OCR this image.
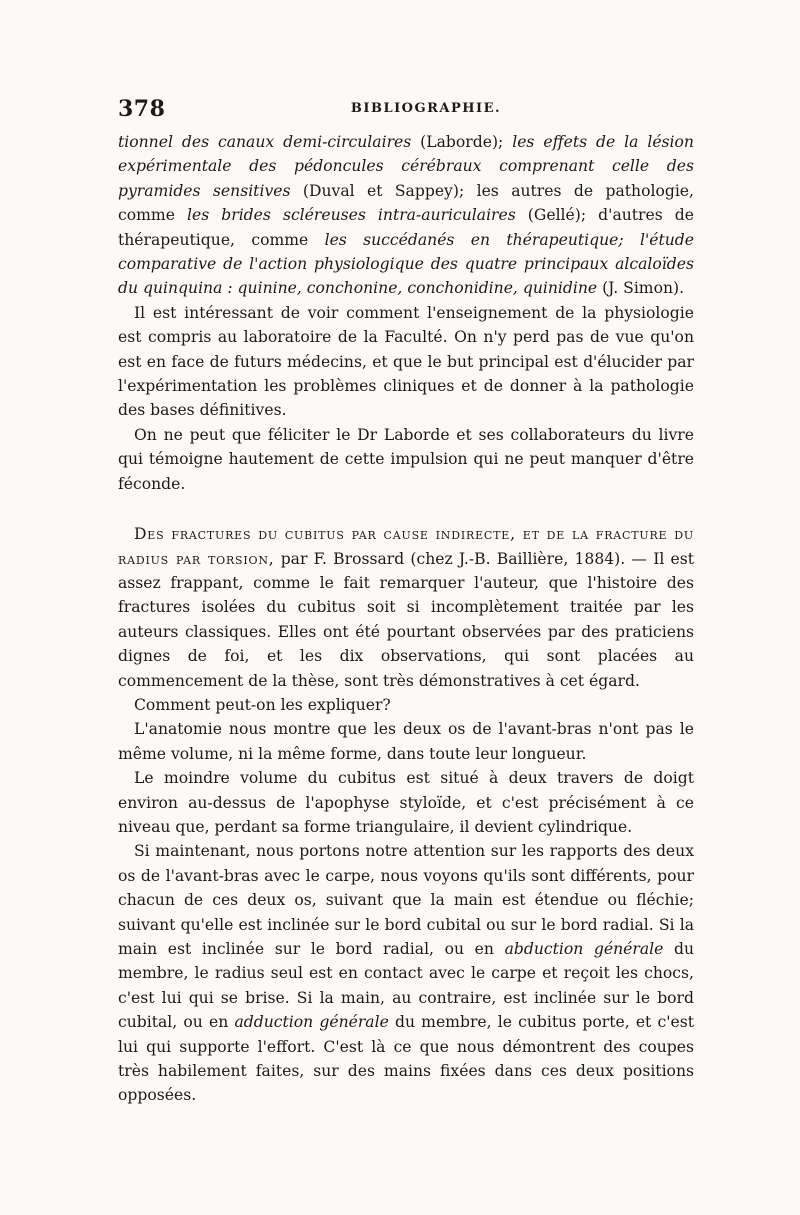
378	BIBLIOGRAPHIE.

tionnel des canaux demi-circulaires (Laborde); les effets de la lésion expérimentale des pédoncules cérébraux comprenant celle des pyramides sensitives (Duval et Sappey); les autres de pathologie, comme les brides scléreuses intra-auriculaires (Gellé); d'autres de thérapeutique, comme les succédanés en thérapeutique; l'étude comparative de l'action physiologique des quatre principaux alcaloïdes du quinquina : quinine, conchonine, conchonidine, quinidine (J. Simon).

Il est intéressant de voir comment l'enseignement de la physiologie est compris au laboratoire de la Faculté. On n'y perd pas de vue qu'on est en face de futurs médecins, et que le but principal est d'élucider par l'expérimentation les problèmes cliniques et de donner à la pathologie des bases définitives.

On ne peut que féliciter le Dr Laborde et ses collaborateurs du livre qui témoigne hautement de cette impulsion qui ne peut manquer d'être féconde.

Des fractures du cubitus par cause indirecte, et de la fracture du radius par torsion, par F. Brossard (chez J.-B. Baillière, 1884). — Il est assez frappant, comme le fait remarquer l'auteur, que l'histoire des fractures isolées du cubitus soit si incomplètement traitée par les auteurs classiques. Elles ont été pourtant observées par des praticiens dignes de foi, et les dix observations, qui sont placées au commencement de la thèse, sont très démonstratives à cet égard.

Comment peut-on les expliquer?

L'anatomie nous montre que les deux os de l'avant-bras n'ont pas le même volume, ni la même forme, dans toute leur longueur.

Le moindre volume du cubitus est situé à deux travers de doigt environ au-dessus de l'apophyse styloïde, et c'est précisément à ce niveau que, perdant sa forme triangulaire, il devient cylindrique.

Si maintenant, nous portons notre attention sur les rapports des deux os de l'avant-bras avec le carpe, nous voyons qu'ils sont différents, pour chacun de ces deux os, suivant que la main est étendue ou fléchie; suivant qu'elle est inclinée sur le bord cubital ou sur le bord radial. Si la main est inclinée sur le bord radial, ou en abduction générale du membre, le radius seul est en contact avec le carpe et reçoit les chocs, c'est lui qui se brise. Si la main, au contraire, est inclinée sur le bord cubital, ou en adduction générale du membre, le cubitus porte, et c'est lui qui supporte l'effort. C'est là ce que nous démontrent des coupes très habilement faites, sur des mains fixées dans ces deux positions opposées.
